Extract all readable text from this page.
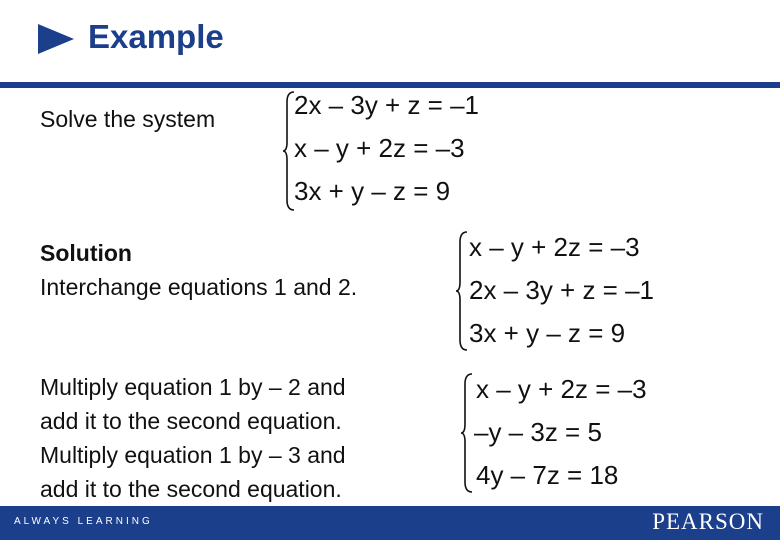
Example
Solve the system	2x – 3y + z = –1
x – y + 2z = –3
3x + y – z = 9
Solution
Interchange equations 1 and 2.
x – y + 2z = –3
2x – 3y + z = –1
3x + y – z = 9
Multiply equation 1 by – 2 and
add it to the second equation.
Multiply equation 1 by – 3 and
add it to the second equation.
x – y + 2z = –3
–y – 3z = 5
4y – 7z = 18
ALWAYS LEARNING	PEARSON
